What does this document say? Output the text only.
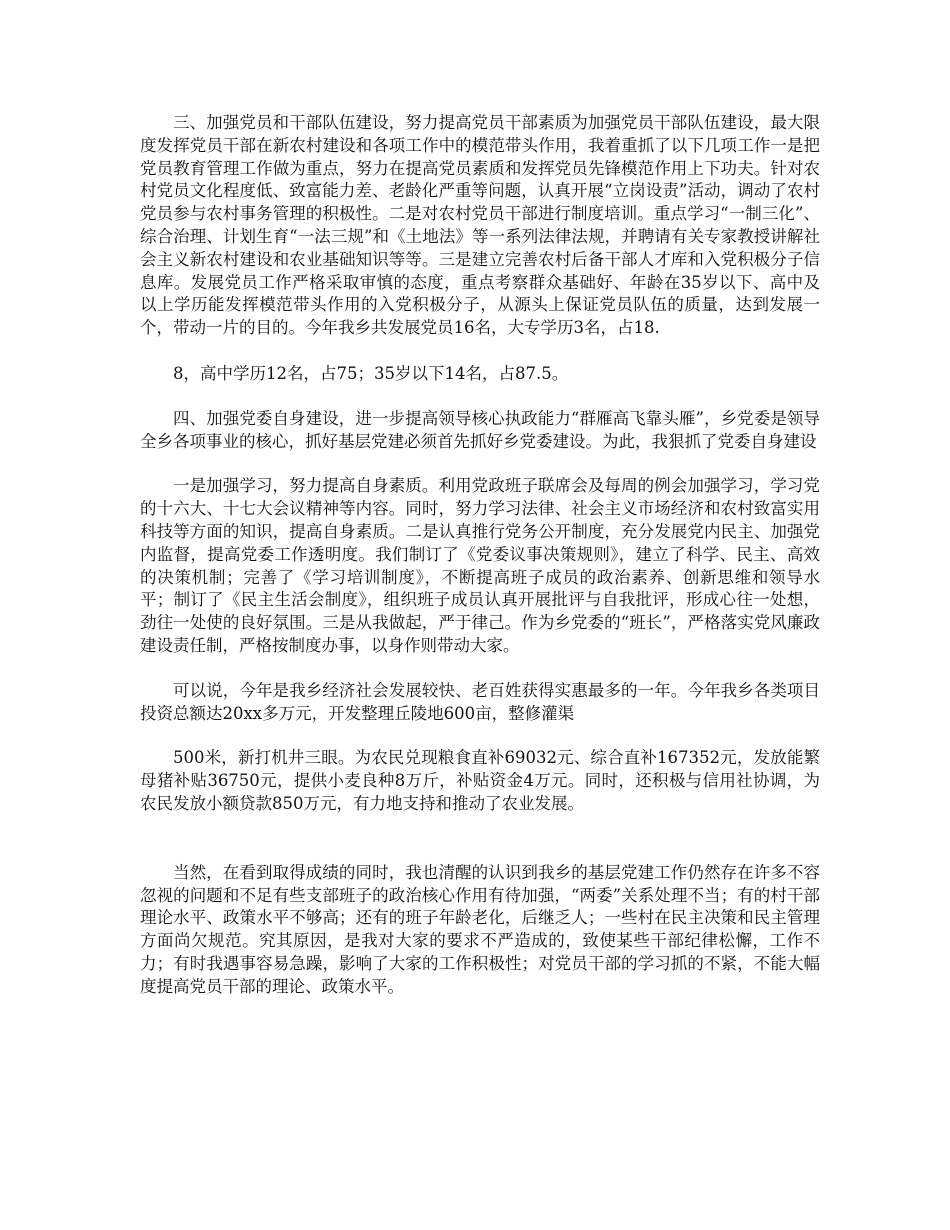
三、加强党员和干部队伍建设，努力提高党员干部素质为加强党员干部队伍建设，最大限度发挥党员干部在新农村建设和各项工作中的模范带头作用，我着重抓了以下几项工作一是把党员教育管理工作做为重点，努力在提高党员素质和发挥党员先锋模范作用上下功夫。针对农村党员文化程度低、致富能力差、老龄化严重等问题，认真开展“立岗设责”活动，调动了农村党员参与农村事务管理的积极性。二是对农村党员干部进行制度培训。重点学习“一制三化”、综合治理、计划生育“一法三规”和《土地法》等一系列法律法规，并聘请有关专家教授讲解社会主义新农村建设和农业基础知识等等。三是建立完善农村后备干部人才库和入党积极分子信息库。发展党员工作严格采取审慎的态度，重点考察群众基础好、年龄在35岁以下、高中及以上学历能发挥模范带头作用的入党积极分子，从源头上保证党员队伍的质量，达到发展一个，带动一片的目的。今年我乡共发展党员16名，大专学历3名，占18.

8，高中学历12名，占75；35岁以下14名，占87.5。

四、加强党委自身建设，进一步提高领导核心执政能力“群雁高飞靠头雁”，乡党委是领导全乡各项事业的核心，抓好基层党建必须首先抓好乡党委建设。为此，我狠抓了党委自身建设

一是加强学习，努力提高自身素质。利用党政班子联席会及每周的例会加强学习，学习党的十六大、十七大会议精神等内容。同时，努力学习法律、社会主义市场经济和农村致富实用科技等方面的知识，提高自身素质。二是认真推行党务公开制度，充分发展党内民主、加强党内监督，提高党委工作透明度。我们制订了《党委议事决策规则》，建立了科学、民主、高效的决策机制；完善了《学习培训制度》，不断提高班子成员的政治素养、创新思维和领导水平；制订了《民主生活会制度》，组织班子成员认真开展批评与自我批评，形成心往一处想，劲往一处使的良好氛围。三是从我做起，严于律己。作为乡党委的“班长”，严格落实党风廉政建设责任制，严格按制度办事，以身作则带动大家。

可以说，今年是我乡经济社会发展较快、老百姓获得实惠最多的一年。今年我乡各类项目投资总额达20xx多万元，开发整理丘陵地600亩，整修灌渠

500米，新打机井三眼。为农民兑现粮食直补69032元、综合直补167352元，发放能繁母猪补贴36750元，提供小麦良种8万斤，补贴资金4万元。同时，还积极与信用社协调，为农民发放小额贷款850万元，有力地支持和推动了农业发展。

当然，在看到取得成绩的同时，我也清醒的认识到我乡的基层党建工作仍然存在许多不容忽视的问题和不足有些支部班子的政治核心作用有待加强，“两委”关系处理不当；有的村干部理论水平、政策水平不够高；还有的班子年龄老化，后继乏人；一些村在民主决策和民主管理方面尚欠规范。究其原因，是我对大家的要求不严造成的，致使某些干部纪律松懈，工作不力；有时我遇事容易急躁，影响了大家的工作积极性；对党员干部的学习抓的不紧，不能大幅度提高党员干部的理论、政策水平。
